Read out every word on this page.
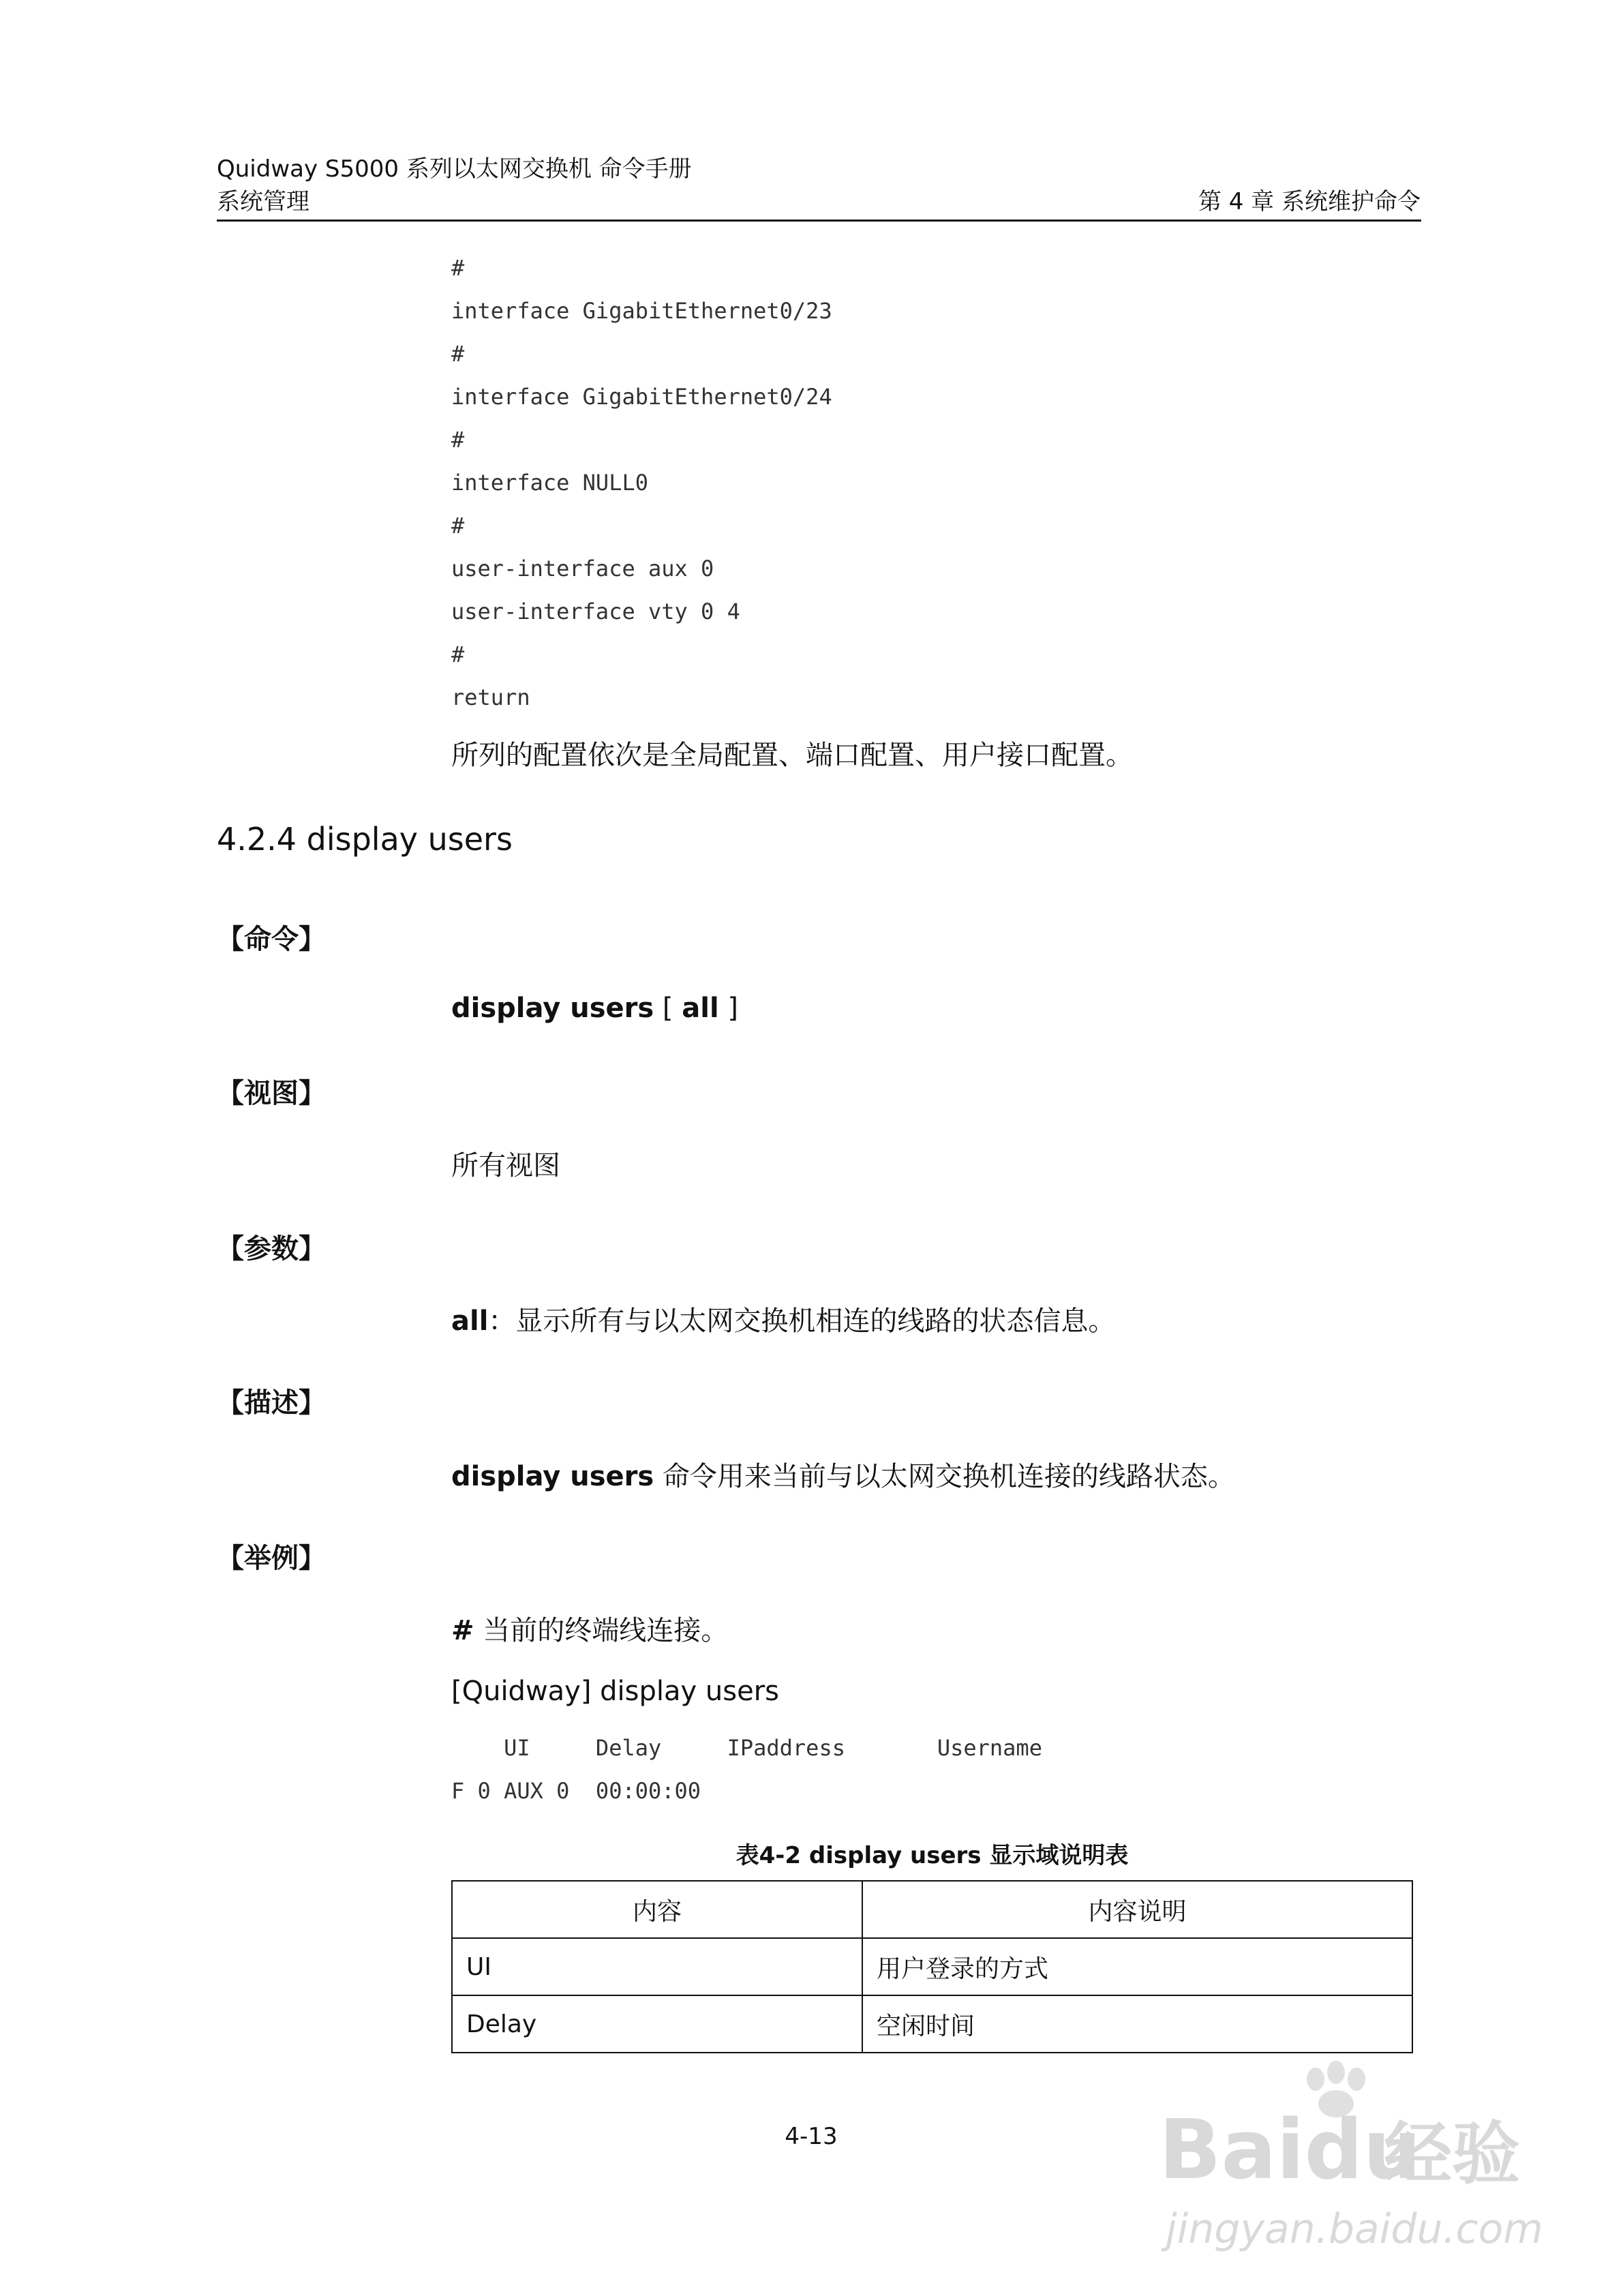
Quidway S5000 系列以太网交换机 命令手册
系统管理	第 4 章 系统维护命令
#
interface GigabitEthernet0/23
#
interface GigabitEthernet0/24
#
interface NULL0
#
user-interface aux 0
user-interface vty 0 4
#
return
所列的配置依次是全局配置、端口配置、用户接口配置。
4.2.4 display users
【命令】
display users [ all ]
【视图】
所有视图
【参数】
all：显示所有与以太网交换机相连的线路的状态信息。
【描述】
display users 命令用来当前与以太网交换机连接的线路状态。
【举例】
# 当前的终端线连接。
[Quidway] display users
UI     Delay     IPaddress       Username
F 0 AUX 0  00:00:00
表4-2 display users 显示域说明表
内容	内容说明
UI	用户登录的方式
Delay	空闲时间
4-13	Baidu
经验
jingyan.baidu.com
